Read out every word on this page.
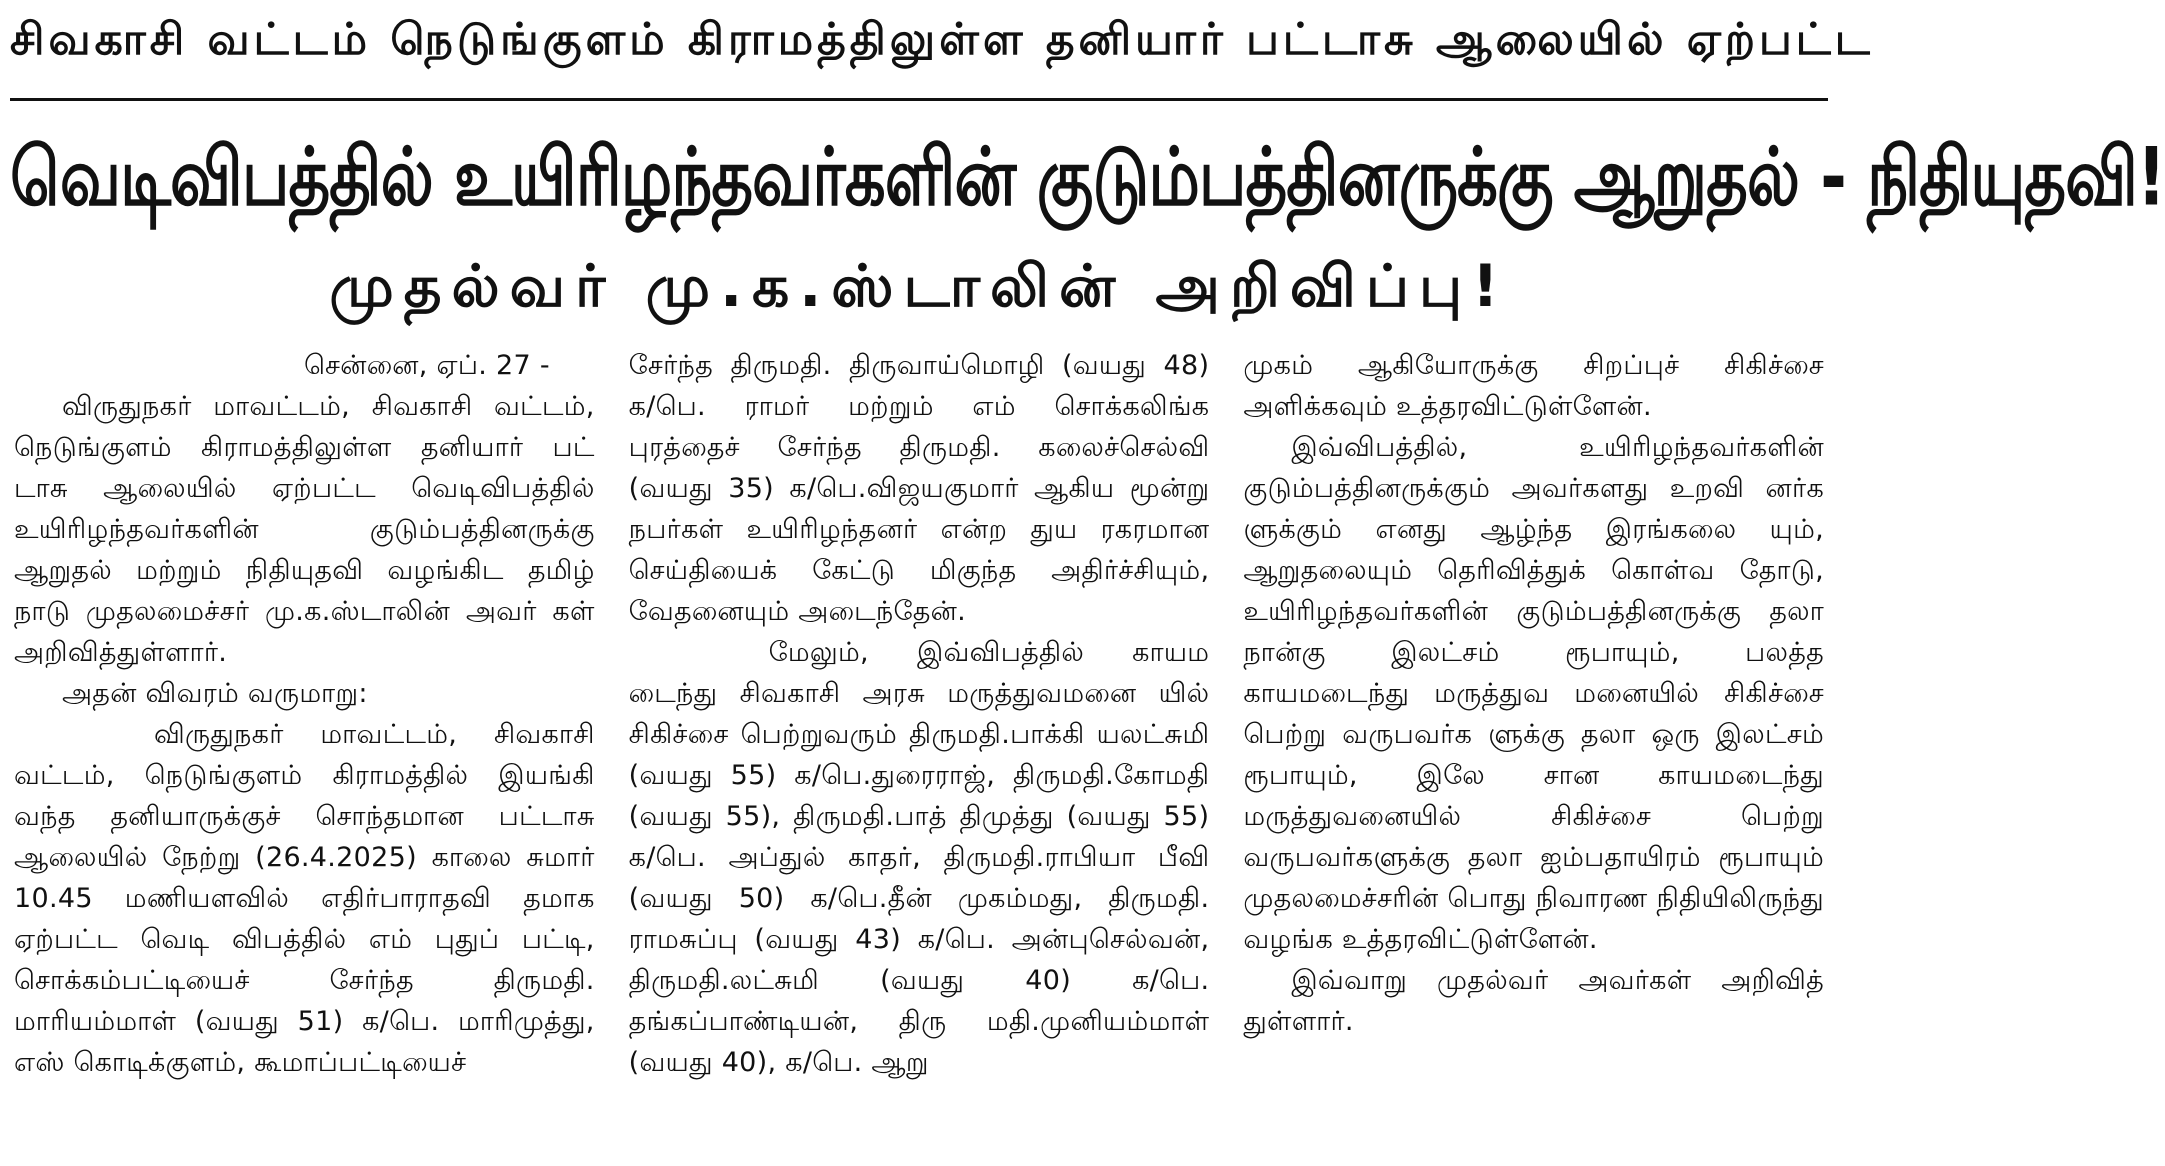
சிவகாசி வட்டம் நெடுங்குளம் கிராமத்திலுள்ள தனியார் பட்டாசு ஆலையில் ஏற்பட்ட
வெடிவிபத்தில் உயிரிழந்தவர்களின் குடும்பத்தினருக்கு ஆறுதல் - நிதியுதவி!
முதல்வர் மு.க.ஸ்டாலின் அறிவிப்பு!

சென்னை, ஏப். 27 -

விருதுநகர் மாவட்டம், சிவகாசி வட்டம், நெடுங்குளம் கிராமத்திலுள்ள தனியார் பட் டாசு ஆலையில் ஏற்பட்ட வெடிவிபத்தில் உயிரிழந்தவர்களின் குடும்பத்தினருக்கு ஆறுதல் மற்றும் நிதியுதவி வழங்கிட தமிழ் நாடு முதலமைச்சர் மு.க.ஸ்டாலின் அவர் கள் அறிவித்துள்ளார்.

அதன் விவரம் வருமாறு:

விருதுநகர் மாவட்டம், சிவகாசி வட்டம், நெடுங்குளம் கிராமத்தில் இயங்கி வந்த தனியாருக்குச் சொந்தமான பட்டாசு ஆலையில் நேற்று (26.4.2025) காலை சுமார் 10.45 மணியளவில் எதிர்பாராதவி தமாக ஏற்பட்ட வெடி விபத்தில் எம் புதுப் பட்டி, சொக்கம்பட்டியைச் சேர்ந்த திருமதி. மாரியம்மாள் (வயது 51) க/பெ. மாரிமுத்து, எஸ் கொடிக்குளம், கூமாப்பட்டியைச்

சேர்ந்த திருமதி. திருவாய்மொழி (வயது 48) க/பெ. ராமர் மற்றும் எம் சொக்கலிங்க புரத்தைச் சேர்ந்த திருமதி. கலைச்செல்வி (வயது 35) க/பெ.விஜயகுமார் ஆகிய மூன்று நபர்கள் உயிரிழந்தனர் என்ற துய ரகரமான செய்தியைக் கேட்டு மிகுந்த அதிர்ச்சியும், வேதனையும் அடைந்தேன்.

மேலும், இவ்விபத்தில் காயம டைந்து சிவகாசி அரசு மருத்துவமனை யில் சிகிச்சை பெற்றுவரும் திருமதி.பாக்கி யலட்சுமி (வயது 55) க/பெ.துரைராஜ், திருமதி.கோமதி (வயது 55), திருமதி.பாத் திமுத்து (வயது 55) க/பெ. அப்துல் காதர், திருமதி.ராபியா பீவி (வயது 50) க/பெ.தீன் முகம்மது, திருமதி. ராமசுப்பு (வயது 43) க/பெ. அன்புசெல்வன், திருமதி.லட்சுமி (வயது 40) க/பெ. தங்கப்பாண்டியன், திரு மதி.முனியம்மாள் (வயது 40), க/பெ. ஆறு

முகம் ஆகியோருக்கு சிறப்புச் சிகிச்சை அளிக்கவும் உத்தரவிட்டுள்ளேன்.

இவ்விபத்தில், உயிரிழந்தவர்களின் குடும்பத்தினருக்கும் அவர்களது உறவி னர்க ளுக்கும் எனது ஆழ்ந்த இரங்கலை யும், ஆறுதலையும் தெரிவித்துக் கொள்வ தோடு, உயிரிழந்தவர்களின் குடும்பத்தினருக்கு தலா நான்கு இலட்சம் ரூபாயும், பலத்த காயமடைந்து மருத்துவ மனையில் சிகிச்சை பெற்று வருபவர்க ளுக்கு தலா ஒரு இலட்சம் ரூபாயும், இலே சான காயமடைந்து மருத்துவனையில் சிகிச்சை பெற்று வருபவர்களுக்கு தலா ஐம்பதாயிரம் ரூபாயும் முதலமைச்சரின் பொது நிவாரண நிதியிலிருந்து வழங்க உத்தரவிட்டுள்ளேன்.

இவ்வாறு முதல்வர் அவர்கள் அறிவித் துள்ளார்.
